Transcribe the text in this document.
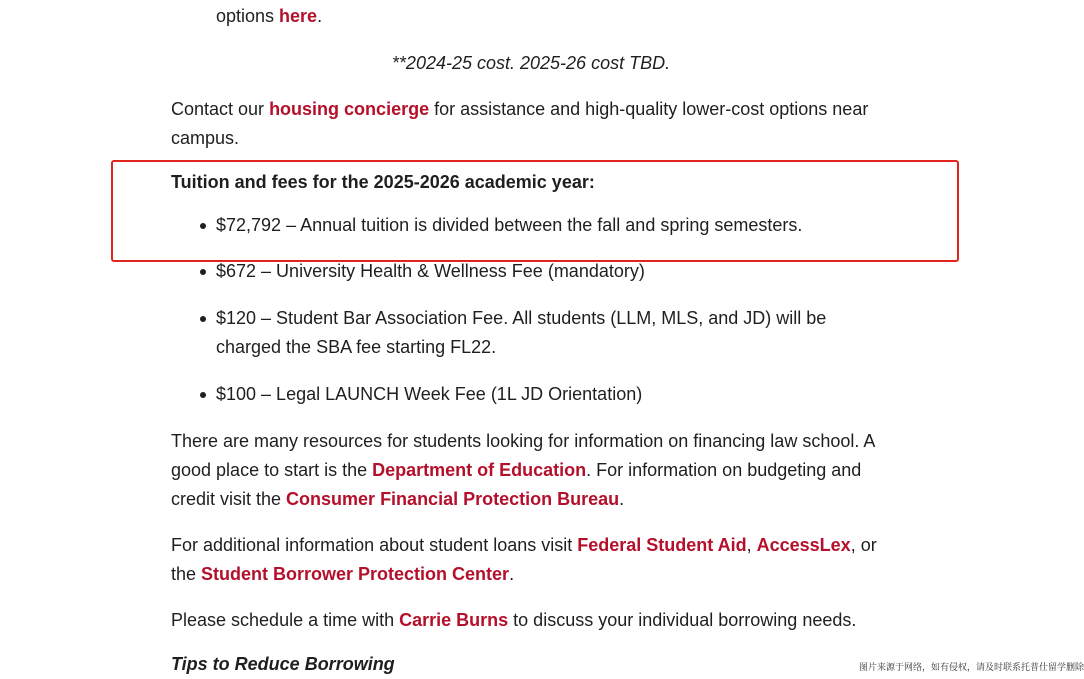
options here.
**2024-25 cost. 2025-26 cost TBD.

Contact our housing concierge for assistance and high-quality lower-cost options near campus.

Tuition and fees for the 2025-2026 academic year:
$72,792 – Annual tuition is divided between the fall and spring semesters.
$672 – University Health & Wellness Fee (mandatory)
$120 – Student Bar Association Fee. All students (LLM, MLS, and JD) will be charged the SBA fee starting FL22.
$100 – Legal LAUNCH Week Fee (1L JD Orientation)

There are many resources for students looking for information on financing law school. A good place to start is the Department of Education. For information on budgeting and credit visit the Consumer Financial Protection Bureau.

For additional information about student loans visit Federal Student Aid, AccessLex, or the Student Borrower Protection Center.

Please schedule a time with Carrie Burns to discuss your individual borrowing needs.

Tips to Reduce Borrowing	图片来源于网络，如有侵权，请及时联系托普仕留学删除
